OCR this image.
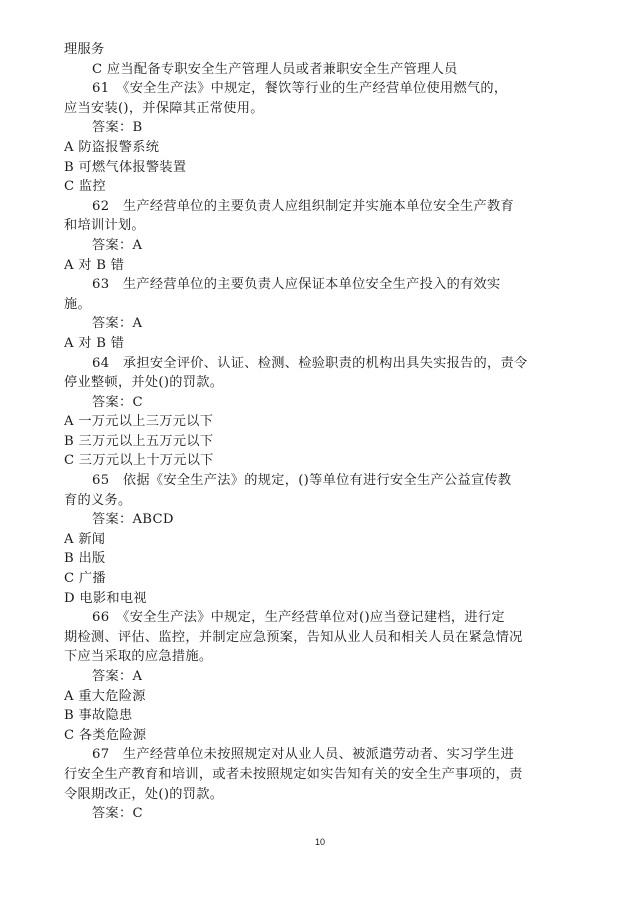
理服务
C 应当配备专职安全生产管理人员或者兼职安全生产管理人员
61　《安全生产法》中规定，餐饮等行业的生产经营单位使用燃气的，
应当安装()，并保障其正常使用。
答案：B
A 防盗报警系统
B 可燃气体报警装置
C 监控
62　生产经营单位的主要负责人应组织制定并实施本单位安全生产教育
和培训计划。
答案：A
A 对 B 错
63　生产经营单位的主要负责人应保证本单位安全生产投入的有效实
施。
答案：A
A 对 B 错
64　承担安全评价、认证、检测、检验职责的机构出具失实报告的，责令
停业整顿，并处()的罚款。
答案：C
A 一万元以上三万元以下
B 三万元以上五万元以下
C 三万元以上十万元以下
65　依据《安全生产法》的规定，()等单位有进行安全生产公益宣传教
育的义务。
答案：ABCD
A 新闻
B 出版
C 广播
D 电影和电视
66　《安全生产法》中规定，生产经营单位对()应当登记建档，进行定
期检测、评估、监控，并制定应急预案，告知从业人员和相关人员在紧急情况
下应当采取的应急措施。
答案：A
A 重大危险源
B 事故隐患
C 各类危险源
67　生产经营单位未按照规定对从业人员、被派遣劳动者、实习学生进
行安全生产教育和培训，或者未按照规定如实告知有关的安全生产事项的，责
令限期改正，处()的罚款。
答案：C
10
